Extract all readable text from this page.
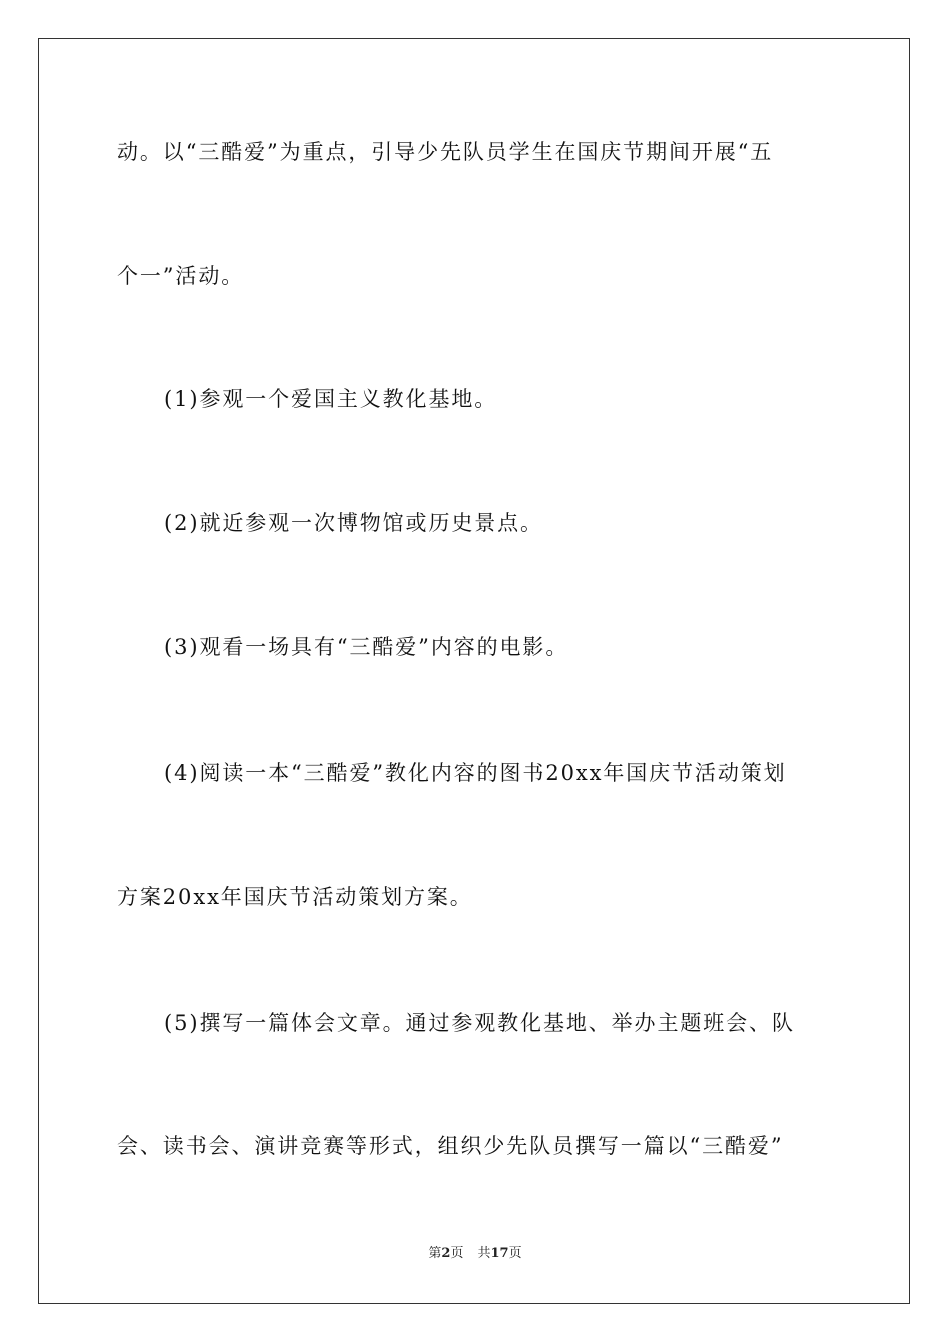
动。以“三酷爱”为重点，引导少先队员学生在国庆节期间开展“五
个一”活动。
(1)参观一个爱国主义教化基地。
(2)就近参观一次博物馆或历史景点。
(3)观看一场具有“三酷爱”内容的电影。
(4)阅读一本“三酷爱”教化内容的图书20xx年国庆节活动策划
方案20xx年国庆节活动策划方案。
(5)撰写一篇体会文章。通过参观教化基地、举办主题班会、队
会、读书会、演讲竞赛等形式，组织少先队员撰写一篇以“三酷爱”
第2页 共17页
